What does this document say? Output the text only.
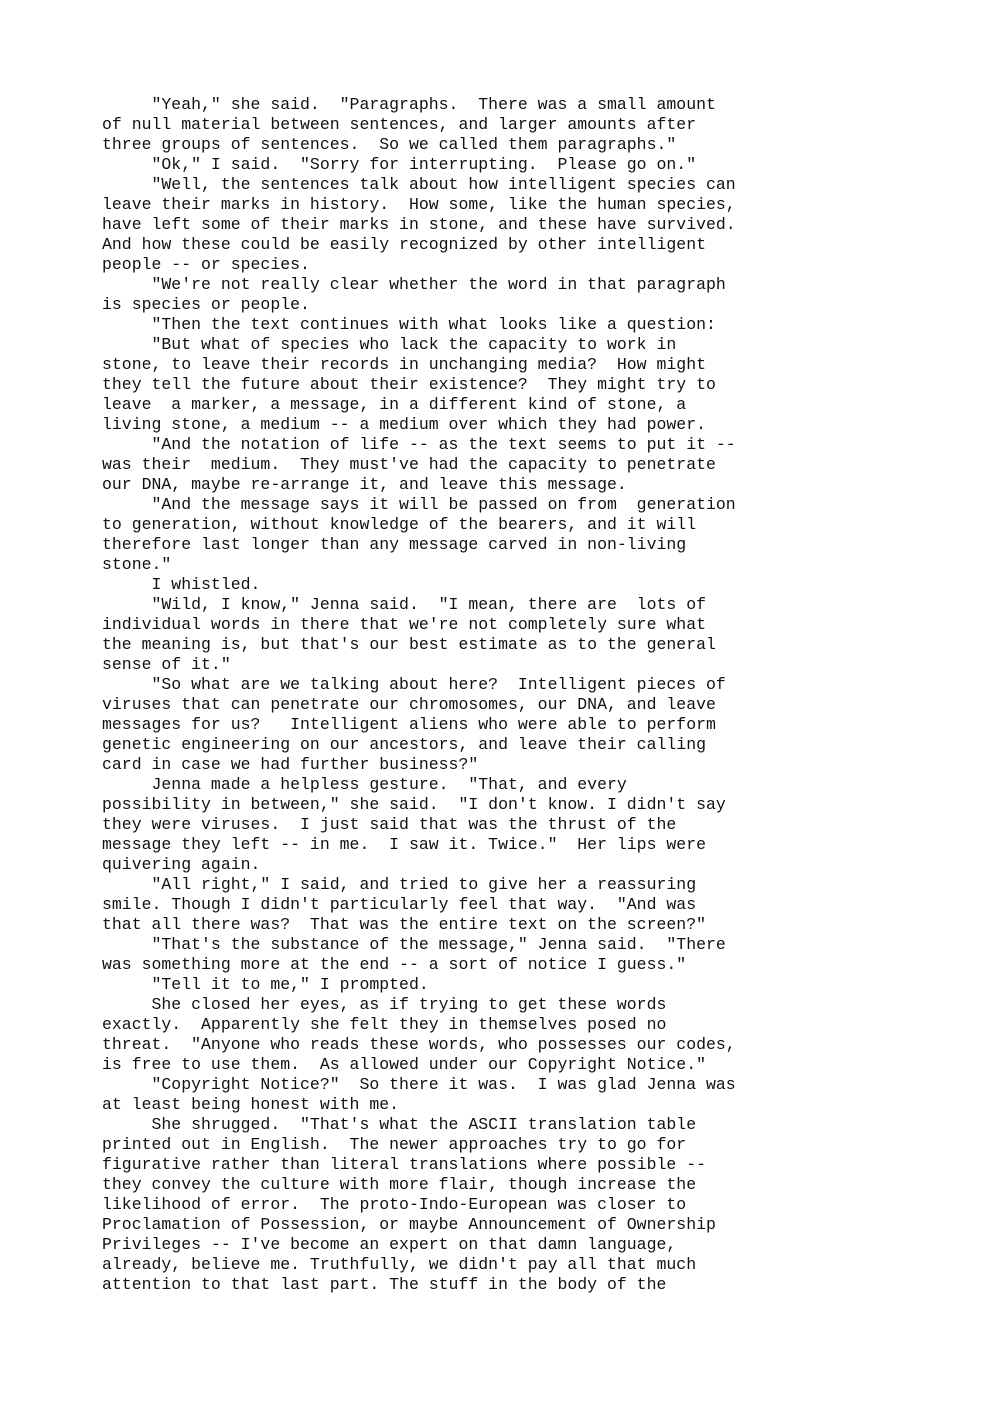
"Yeah," she said.  "Paragraphs.  There was a small amount
of null material between sentences, and larger amounts after
three groups of sentences.  So we called them paragraphs."
"Ok," I said.  "Sorry for interrupting.  Please go on."
"Well, the sentences talk about how intelligent species can
leave their marks in history.  How some, like the human species,
have left some of their marks in stone, and these have survived.
And how these could be easily recognized by other intelligent
people -- or species.
"We're not really clear whether the word in that paragraph
is species or people.
"Then the text continues with what looks like a question:
"But what of species who lack the capacity to work in
stone, to leave their records in unchanging media?  How might
they tell the future about their existence?  They might try to
leave  a marker, a message, in a different kind of stone, a
living stone, a medium -- a medium over which they had power.
"And the notation of life -- as the text seems to put it --
was their  medium.  They must've had the capacity to penetrate
our DNA, maybe re-arrange it, and leave this message.
"And the message says it will be passed on from  generation
to generation, without knowledge of the bearers, and it will
therefore last longer than any message carved in non-living
stone."
I whistled.
"Wild, I know," Jenna said.  "I mean, there are  lots of
individual words in there that we're not completely sure what
the meaning is, but that's our best estimate as to the general
sense of it."
"So what are we talking about here?  Intelligent pieces of
viruses that can penetrate our chromosomes, our DNA, and leave
messages for us?   Intelligent aliens who were able to perform
genetic engineering on our ancestors, and leave their calling
card in case we had further business?"
Jenna made a helpless gesture.  "That, and every
possibility in between," she said.  "I don't know. I didn't say
they were viruses.  I just said that was the thrust of the
message they left -- in me.  I saw it. Twice."  Her lips were
quivering again.
"All right," I said, and tried to give her a reassuring
smile. Though I didn't particularly feel that way.  "And was
that all there was?  That was the entire text on the screen?"
"That's the substance of the message," Jenna said.  "There
was something more at the end -- a sort of notice I guess."
"Tell it to me," I prompted.
She closed her eyes, as if trying to get these words
exactly.  Apparently she felt they in themselves posed no
threat.  "Anyone who reads these words, who possesses our codes,
is free to use them.  As allowed under our Copyright Notice."
"Copyright Notice?"  So there it was.  I was glad Jenna was
at least being honest with me.
She shrugged.  "That's what the ASCII translation table
printed out in English.  The newer approaches try to go for
figurative rather than literal translations where possible --
they convey the culture with more flair, though increase the
likelihood of error.  The proto-Indo-European was closer to
Proclamation of Possession, or maybe Announcement of Ownership
Privileges -- I've become an expert on that damn language,
already, believe me. Truthfully, we didn't pay all that much
attention to that last part. The stuff in the body of the
